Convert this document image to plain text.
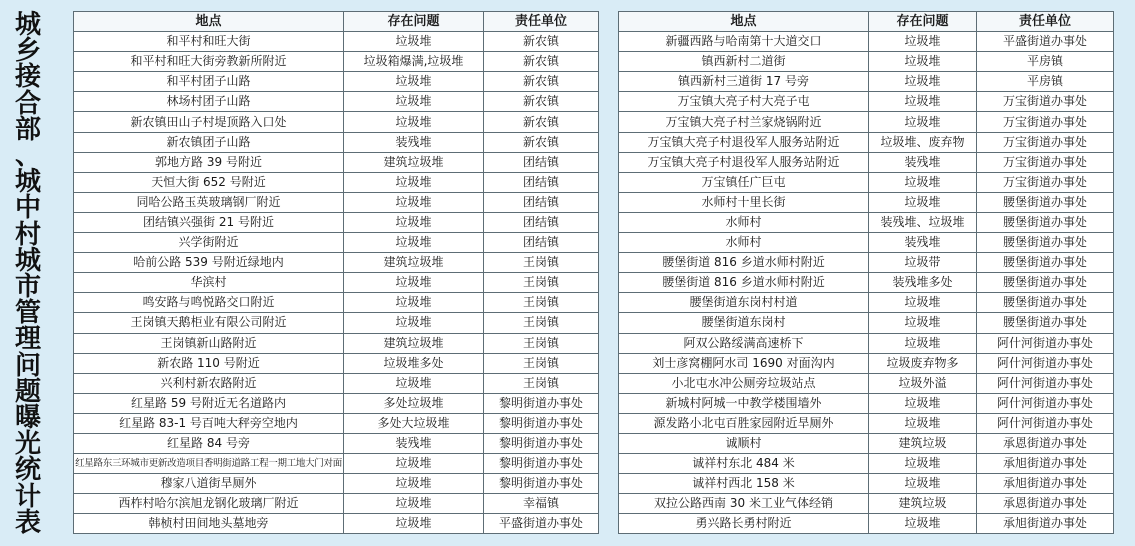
城
乡
接
合
部
、
城
中
村
城
市
管
理
问
题
曝
光
统
计
表
地点	存在问题	责任单位
和平村和旺大街	垃圾堆	新农镇
和平村和旺大街旁教新所附近	垃圾箱爆满,垃圾堆	新农镇
和平村团子山路	垃圾堆	新农镇
林场村团子山路	垃圾堆	新农镇
新农镇田山子村堤顶路入口处	垃圾堆	新农镇
新农镇团子山路	装残堆	新农镇
郭地方路 39 号附近	建筑垃圾堆	团结镇
天恒大街 652 号附近	垃圾堆	团结镇
同哈公路玉英玻璃钢厂附近	垃圾堆	团结镇
团结镇兴强街 21 号附近	垃圾堆	团结镇
兴学街附近	垃圾堆	团结镇
哈前公路 539 号附近绿地内	建筑垃圾堆	王岗镇
华滨村	垃圾堆	王岗镇
鸣安路与鸣悦路交口附近	垃圾堆	王岗镇
王岗镇天鹅柜业有限公司附近	垃圾堆	王岗镇
王岗镇新山路附近	建筑垃圾堆	王岗镇
新农路 110 号附近	垃圾堆多处	王岗镇
兴利村新农路附近	垃圾堆	王岗镇
红星路 59 号附近无名道路内	多处垃圾堆	黎明街道办事处
红星路 83-1 号百吨大秤旁空地内	多处大垃圾堆	黎明街道办事处
红星路 84 号旁	装残堆	黎明街道办事处
红星路东三环城市更新改造项目香明街道路工程一期工地大门对面	垃圾堆	黎明街道办事处
穆家八道街旱厕外	垃圾堆	黎明街道办事处
西柞村哈尔滨旭龙钢化玻璃厂附近	垃圾堆	幸福镇
韩桢村田间地头墓地旁	垃圾堆	平盛街道办事处
地点	存在问题	责任单位
新疆西路与哈南第十大道交口	垃圾堆	平盛街道办事处
镇西新村二道街	垃圾堆	平房镇
镇西新村三道街 17 号旁	垃圾堆	平房镇
万宝镇大亮子村大亮子屯	垃圾堆	万宝街道办事处
万宝镇大亮子村兰家烧锅附近	垃圾堆	万宝街道办事处
万宝镇大亮子村退役军人服务站附近	垃圾堆、废弃物	万宝街道办事处
万宝镇大亮子村退役军人服务站附近	装残堆	万宝街道办事处
万宝镇任广巨屯	垃圾堆	万宝街道办事处
水师村十里长街	垃圾堆	腰堡街道办事处
水师村	装残堆、垃圾堆	腰堡街道办事处
水师村	装残堆	腰堡街道办事处
腰堡街道 816 乡道水师村附近	垃圾带	腰堡街道办事处
腰堡街道 816 乡道水师村附近	装残堆多处	腰堡街道办事处
腰堡街道东岗村村道	垃圾堆	腰堡街道办事处
腰堡街道东岗村	垃圾堆	腰堡街道办事处
阿双公路绥满高速桥下	垃圾堆	阿什河街道办事处
刘士彦窝棚阿水司 1690 对面沟内	垃圾废弃物多	阿什河街道办事处
小北屯水冲公厕旁垃圾站点	垃圾外溢	阿什河街道办事处
新城村阿城一中教学楼围墙外	垃圾堆	阿什河街道办事处
源发路小北屯百胜家园附近旱厕外	垃圾堆	阿什河街道办事处
诚顺村	建筑垃圾	承恩街道办事处
诚祥村东北 484 米	垃圾堆	承旭街道办事处
诚祥村西北 158 米	垃圾堆	承旭街道办事处
双拉公路西南 30 米工业气体经销	建筑垃圾	承恩街道办事处
勇兴路长勇村附近	垃圾堆	承旭街道办事处
